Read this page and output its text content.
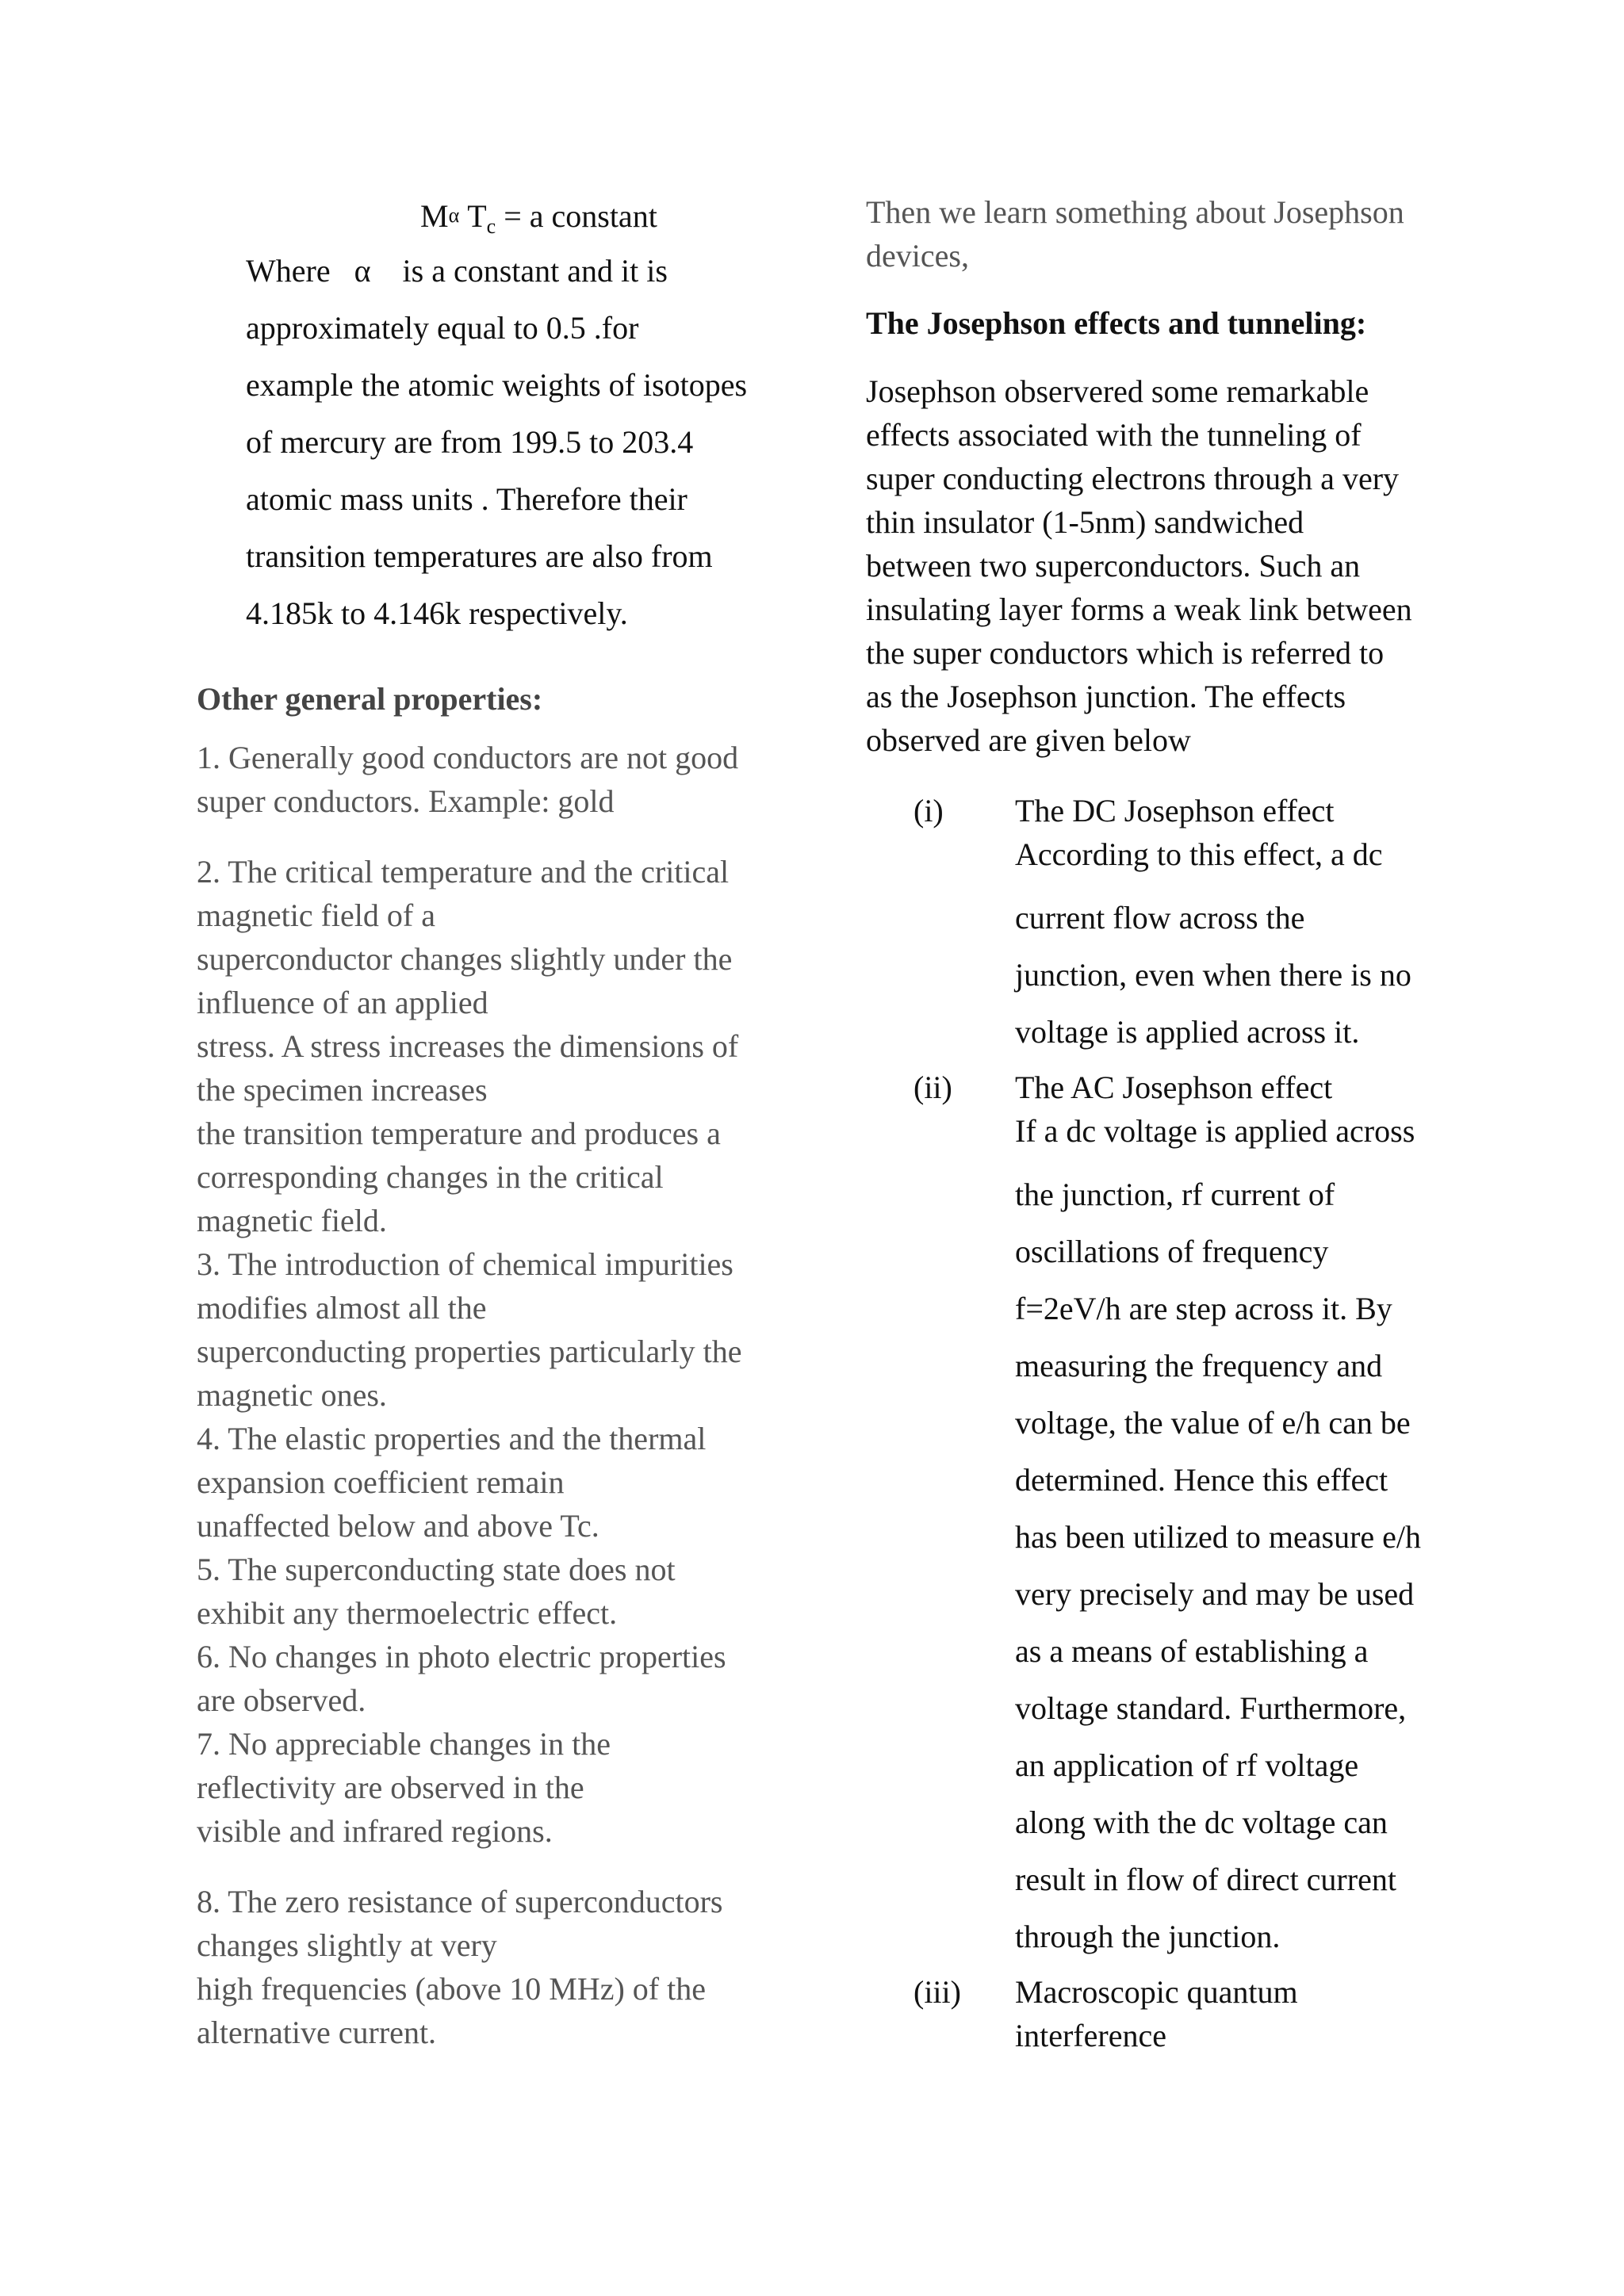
$M^\alpha$ $T_c = a$ constant
Where   α    is a constant and it is
approximately equal to 0.5 .for
example the atomic weights of isotopes
of mercury are from 199.5 to 203.4
atomic mass units . Therefore their
transition temperatures are also from
4.185k to 4.146k respectively.
Other general properties:
1. Generally good conductors are not good
super conductors. Example: gold
2. The critical temperature and the critical
magnetic field of a
superconductor changes slightly under the
influence of an applied
stress. A stress increases the dimensions of
the specimen increases
the transition temperature and produces a
corresponding changes in the critical
magnetic field.
3. The introduction of chemical impurities
modifies almost all the
superconducting properties particularly the
magnetic ones.
4. The elastic properties and the thermal
expansion coefficient remain
unaffected below and above Tc.
5. The superconducting state does not
exhibit any thermoelectric effect.
6. No changes in photo electric properties
are observed.
7. No appreciable changes in the
reflectivity are observed in the
visible and infrared regions.
8. The zero resistance of superconductors
changes slightly at very
high frequencies (above 10 MHz) of the
alternative current.
Then we learn something about Josephson
devices,
The Josephson effects and tunneling:
Josephson observered some remarkable
effects associated with the tunneling of
super conducting electrons through a very
thin insulator (1-5nm) sandwiched
between two superconductors. Such an
insulating layer forms a weak link between
the super conductors which is referred to
as the Josephson junction. The effects
observed are given below
(i) The DC Josephson effect
According to this effect, a dc
current flow across the
junction, even when there is no
voltage is applied across it.
(ii) The AC Josephson effect
If a dc voltage is applied across
the junction, rf current of
oscillations of frequency
f=2eV/h are step across it. By
measuring the frequency and
voltage, the value of e/h can be
determined. Hence this effect
has been utilized to measure e/h
very precisely and may be used
as a means of establishing a
voltage standard. Furthermore,
an application of rf voltage
along with the dc voltage can
result in flow of direct current
through the junction.
(iii) Macroscopic quantum
interference
